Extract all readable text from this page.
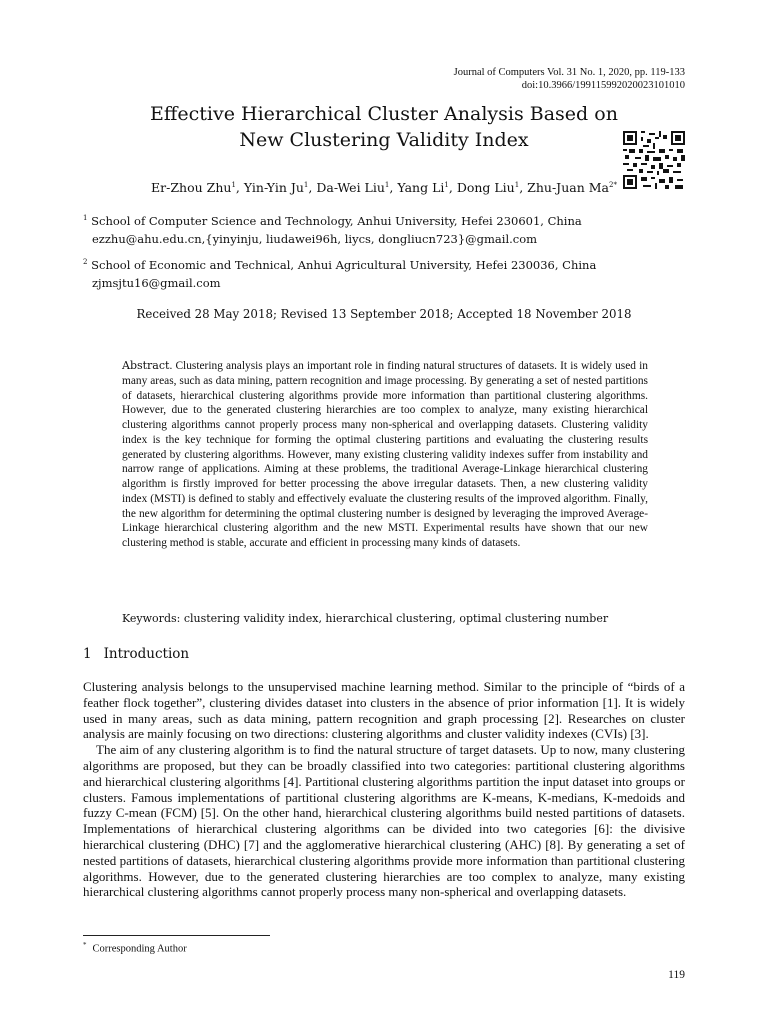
Journal of Computers Vol. 31 No. 1, 2020, pp. 119-133
doi:10.3966/199115992020023101010
Effective Hierarchical Cluster Analysis Based on
New Clustering Validity Index
Er-Zhou Zhu$^1$, Yin-Yin Ju$^1$, Da-Wei Liu$^1$, Yang Li$^1$, Dong Liu$^1$, Zhu-Juan $Ma^{2*}$
$^1$ School of Computer Science and Technology, Anhui University, Hefei 230601, China
ezzhu@ahu.edu.cn,{yinyinju, liudawei96h, liycs, dongliucn723}@gmail.com
$^2$ School of Economic and Technical, Anhui Agricultural University, Hefei 230036, China
zjmsjtu16@gmail.com
Received 28 May 2018; Revised 13 September 2018; Accepted 18 November 2018
Abstract. Clustering analysis plays an important role in finding natural structures of datasets. It is widely used in many areas, such as data mining, pattern recognition and image processing. By generating a set of nested partitions of datasets, hierarchical clustering algorithms provide more information than partitional clustering algorithms. However, due to the generated clustering hierarchies are too complex to analyze, many existing hierarchical clustering algorithms cannot properly process many non-spherical and overlapping datasets. Clustering validity index is the key technique for forming the optimal clustering partitions and evaluating the clustering results generated by clustering algorithms. However, many existing clustering validity indexes suffer from instability and narrow range of applications. Aiming at these problems, the traditional Average-Linkage hierarchical clustering algorithm is firstly improved for better processing the above irregular datasets. Then, a new clustering validity index (MSTI) is defined to stably and effectively evaluate the clustering results of the improved algorithm. Finally, the new algorithm for determining the optimal clustering number is designed by leveraging the improved Average-Linkage hierarchical clustering algorithm and the new MSTI. Experimental results have shown that our new clustering method is stable, accurate and efficient in processing many kinds of datasets.
Keywords: clustering validity index, hierarchical clustering, optimal clustering number
1 Introduction

Clustering analysis belongs to the unsupervised machine learning method. Similar to the principle of “birds of a feather flock together”, clustering divides dataset into clusters in the absence of prior information [1]. It is widely used in many areas, such as data mining, pattern recognition and graph processing [2]. Researches on cluster analysis are mainly focusing on two directions: clustering algorithms and cluster validity indexes (CVIs) [3].

The aim of any clustering algorithm is to find the natural structure of target datasets. Up to now, many clustering algorithms are proposed, but they can be broadly classified into two categories: partitional clustering algorithms and hierarchical clustering algorithms [4]. Partitional clustering algorithms partition the input dataset into groups or clusters. Famous implementations of partitional clustering algorithms are K-means, K-medians, K-medoids and fuzzy C-mean (FCM) [5]. On the other hand, hierarchical clustering algorithms build nested partitions of datasets. Implementations of hierarchical clustering algorithms can be divided into two categories [6]: the divisive hierarchical clustering (DHC) [7] and the agglomerative hierarchical clustering (AHC) [8]. By generating a set of nested partitions of datasets, hierarchical clustering algorithms provide more information than partitional clustering algorithms. However, due to the generated clustering hierarchies are too complex to analyze, many existing hierarchical clustering algorithms cannot properly process many non-spherical and overlapping datasets.

* Corresponding Author
119
